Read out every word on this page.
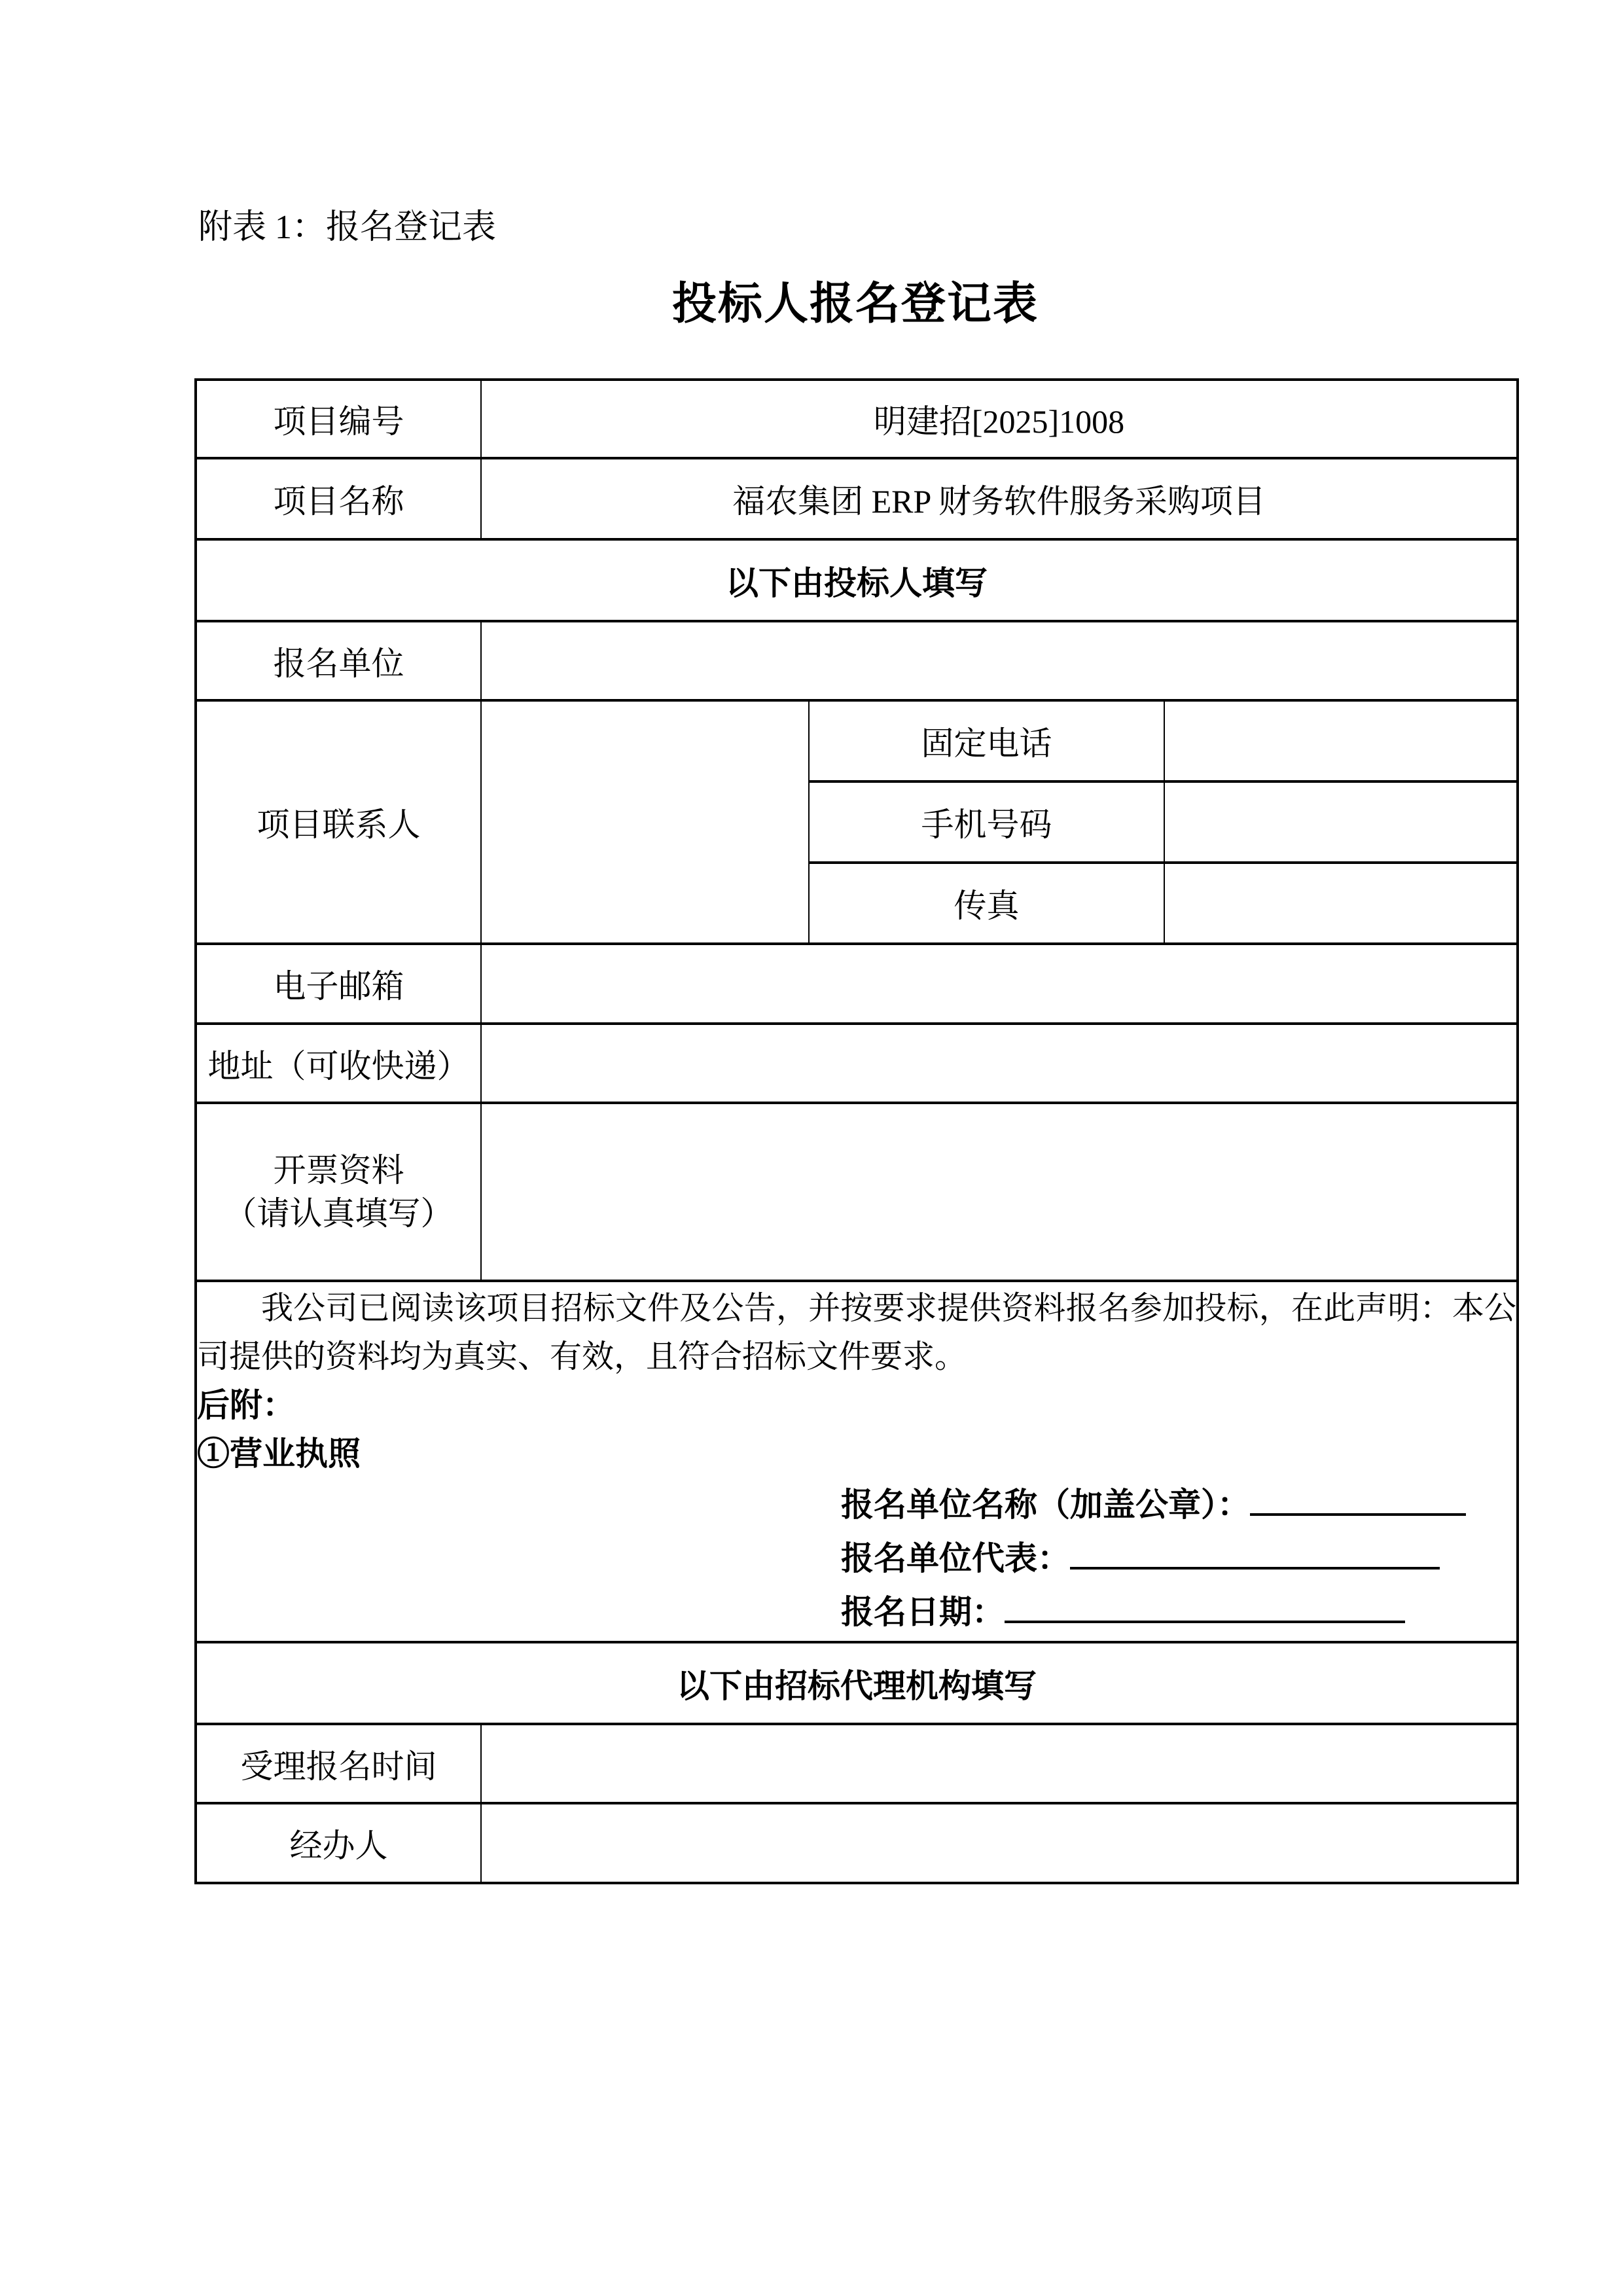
附表 1：报名登记表
投标人报名登记表
项目编号	明建招[2025]1008		
项目名称	福农集团 ERP 财务软件服务采购项目		
以下由投标人填写			
报名单位			
项目联系人		固定电话	
		手机号码	
		传真	
电子邮箱			
地址（可收快递）			

开票资料
（请认真填写）			

我公司已阅读该项目招标文件及公告，并按要求提供资料报名参加投标，在此声明：本公司提供的资料均为真实、有效，且符合招标文件要求。

后附：
①营业执照
报名单位名称（加盖公章）：
报名单位代表：
报名日期：

以下由招标代理机构填写			
受理报名时间			
经办人			
